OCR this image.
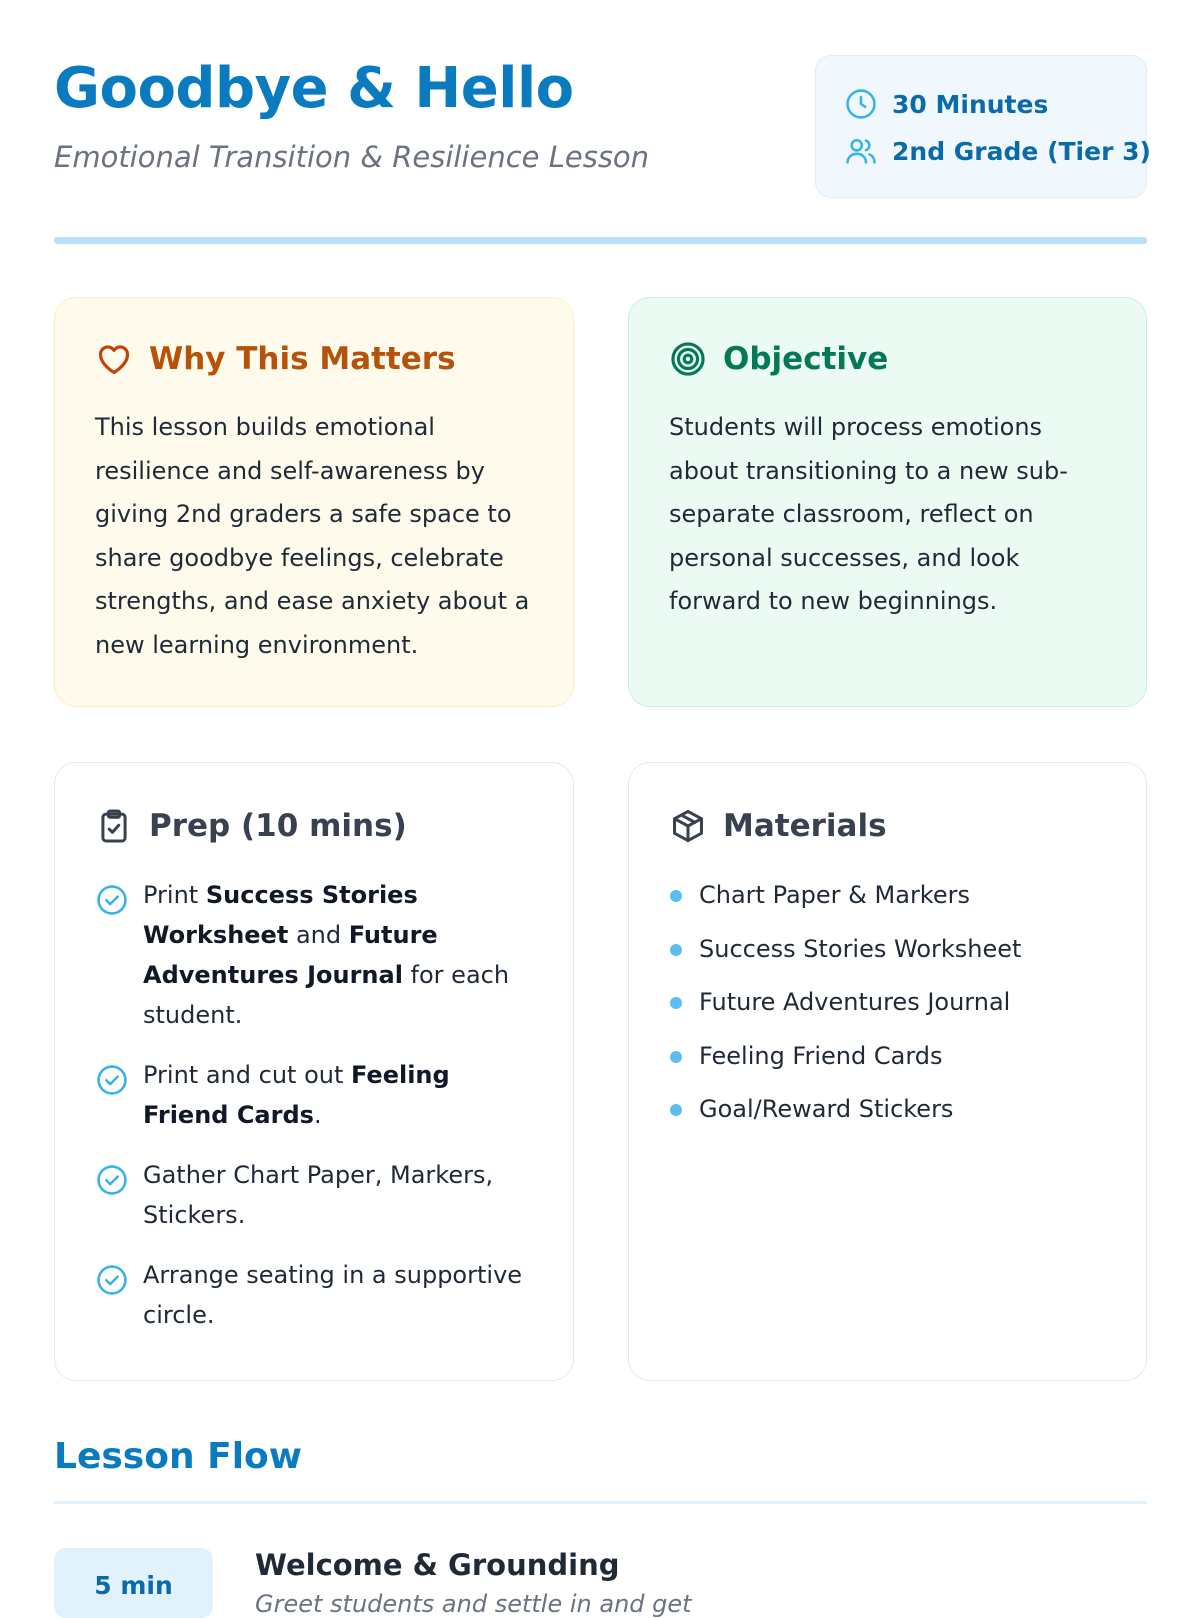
Goodbye & Hello
Emotional Transition & Resilience Lesson
30 Minutes
2nd Grade (Tier 3)
Why This Matters
This lesson builds emotional resilience and self-awareness by giving 2nd graders a safe space to share goodbye feelings, celebrate strengths, and ease anxiety about a new learning environment.
Objective
Students will process emotions about transitioning to a new sub-separate classroom, reflect on personal successes, and look forward to new beginnings.
Prep (10 mins)
Print Success Stories Worksheet and Future Adventures Journal for each student.
Print and cut out Feeling Friend Cards.
Gather Chart Paper, Markers, Stickers.
Arrange seating in a supportive circle.
Materials
Chart Paper & Markers
Success Stories Worksheet
Future Adventures Journal
Feeling Friend Cards
Goal/Reward Stickers
Lesson Flow
5 min
Welcome & Grounding
Greet students and settle in and get
